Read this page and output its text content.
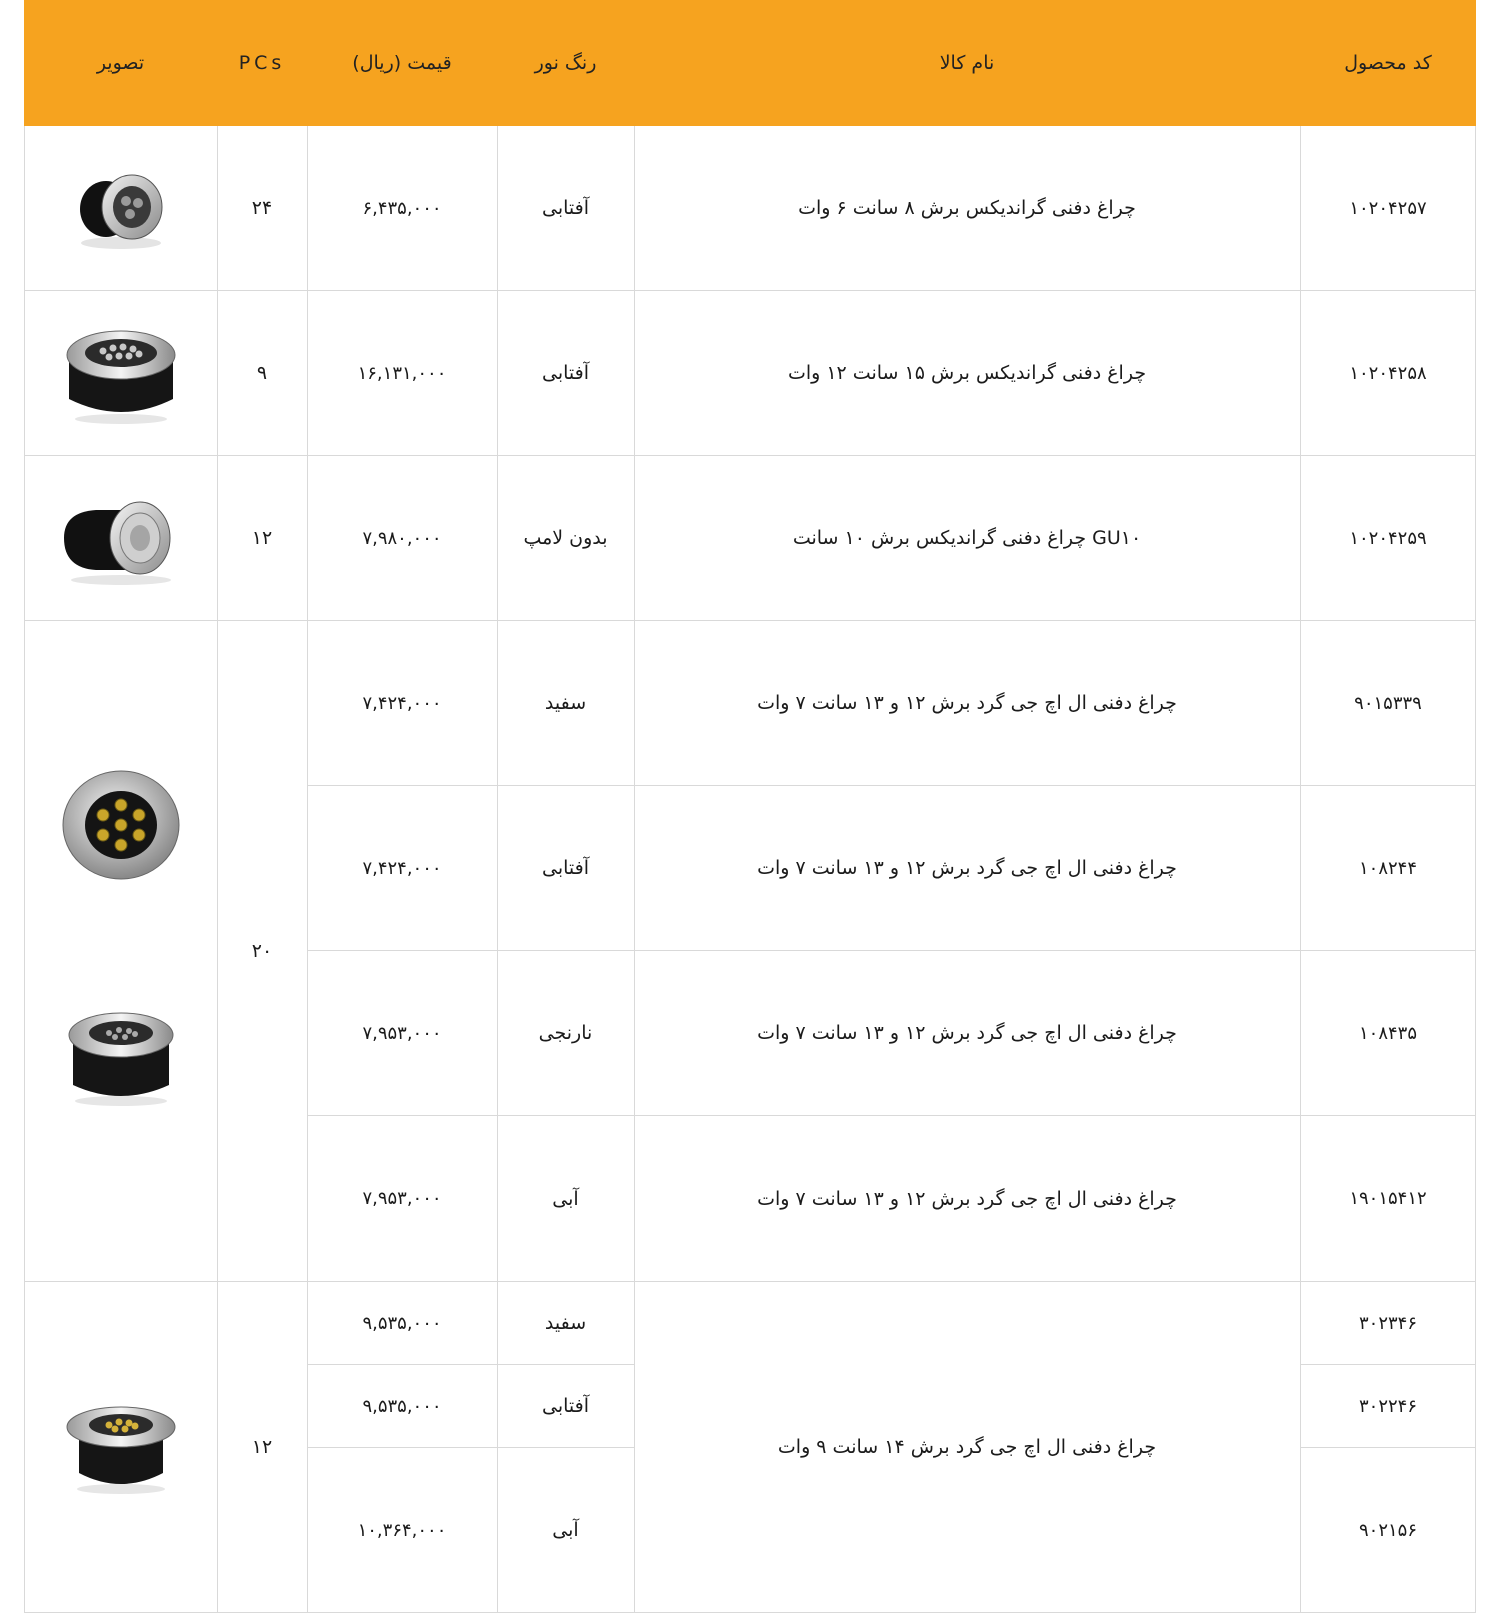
کد محصول
نام کالا
رنگ نور
قیمت (ریال)
PCs
تصویر
۱۰۲۰۴۲۵۷
چراغ دفنی گراندیکس برش ۸ سانت ۶ وات
آفتابی
۶,۴۳۵,۰۰۰
۲۴
۱۰۲۰۴۲۵۸
چراغ دفنی گراندیکس برش ۱۵ سانت ۱۲ وات
آفتابی
۱۶,۱۳۱,۰۰۰
۹
۱۰۲۰۴۲۵۹
چراغ دفنی گراندیکس برش ۱۰ سانت GU۱۰
بدون لامپ
۷,۹۸۰,۰۰۰
۱۲
۹۰۱۵۳۳۹
چراغ دفنی ال اچ جی گرد برش ۱۲ و ۱۳ سانت ۷ وات
سفید
۷,۴۲۴,۰۰۰
۱۰۸۲۴۴
چراغ دفنی ال اچ جی گرد برش ۱۲ و ۱۳ سانت ۷ وات
آفتابی
۷,۴۲۴,۰۰۰
۱۰۸۴۳۵
چراغ دفنی ال اچ جی گرد برش ۱۲ و ۱۳ سانت ۷ وات
نارنجی
۷,۹۵۳,۰۰۰
۱۹۰۱۵۴۱۲
چراغ دفنی ال اچ جی گرد برش ۱۲ و ۱۳ سانت ۷ وات
آبی
۷,۹۵۳,۰۰۰
۲۰
۳۰۲۳۴۶
سفید
۹,۵۳۵,۰۰۰
۳۰۲۲۴۶
آفتابی
۹,۵۳۵,۰۰۰
۹۰۲۱۵۶
آبی
۱۰,۳۶۴,۰۰۰
چراغ دفنی ال اچ جی گرد برش ۱۴ سانت ۹ وات
۱۲
